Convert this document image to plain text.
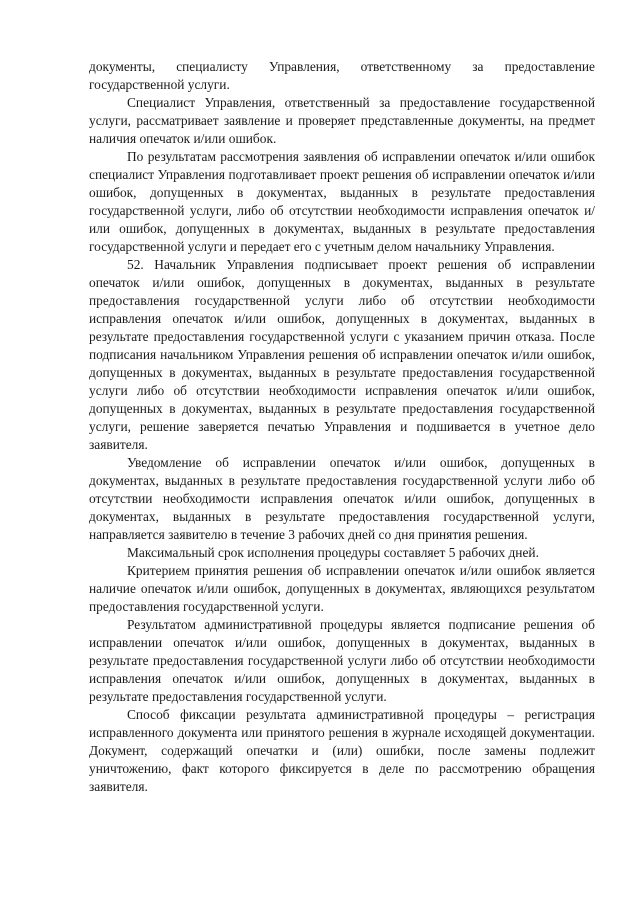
документы, специалисту Управления, ответственному за предоставление государственной услуги.

Специалист Управления, ответственный за предоставление государственной услуги, рассматривает заявление и проверяет представленные документы, на предмет наличия опечаток и/или ошибок.

По результатам рассмотрения заявления об исправлении опечаток и/или ошибок специалист Управления подготавливает проект решения об исправлении опечаток и/или ошибок, допущенных в документах, выданных в результате предоставления государственной услуги, либо об отсутствии необходимости исправления опечаток и/или ошибок, допущенных в документах, выданных в результате предоставления государственной услуги и передает его с учетным делом начальнику Управления.

52. Начальник Управления подписывает проект решения об исправлении опечаток и/или ошибок, допущенных в документах, выданных в результате предоставления государственной услуги либо об отсутствии необходимости исправления опечаток и/или ошибок, допущенных в документах, выданных в результате предоставления государственной услуги с указанием причин отказа. После подписания начальником Управления решения об исправлении опечаток и/или ошибок, допущенных в документах, выданных в результате предоставления государственной услуги либо об отсутствии необходимости исправления опечаток и/или ошибок, допущенных в документах, выданных в результате предоставления государственной услуги, решение заверяется печатью Управления и подшивается в учетное дело заявителя.

Уведомление об исправлении опечаток и/или ошибок, допущенных в документах, выданных в результате предоставления государственной услуги либо об отсутствии необходимости исправления опечаток и/или ошибок, допущенных в документах, выданных в результате предоставления государственной услуги, направляется заявителю в течение 3 рабочих дней со дня принятия решения.

Максимальный срок исполнения процедуры составляет 5 рабочих дней.

Критерием принятия решения об исправлении опечаток и/или ошибок является наличие опечаток и/или ошибок, допущенных в документах, являющихся результатом предоставления государственной услуги.

Результатом административной процедуры является подписание решения об исправлении опечаток и/или ошибок, допущенных в документах, выданных в результате предоставления государственной услуги либо об отсутствии необходимости исправления опечаток и/или ошибок, допущенных в документах, выданных в результате предоставления государственной услуги.

Способ фиксации результата административной процедуры – регистрация исправленного документа или принятого решения в журнале исходящей документации. Документ, содержащий опечатки и (или) ошибки, после замены подлежит уничтожению, факт которого фиксируется в деле по рассмотрению обращения заявителя.
